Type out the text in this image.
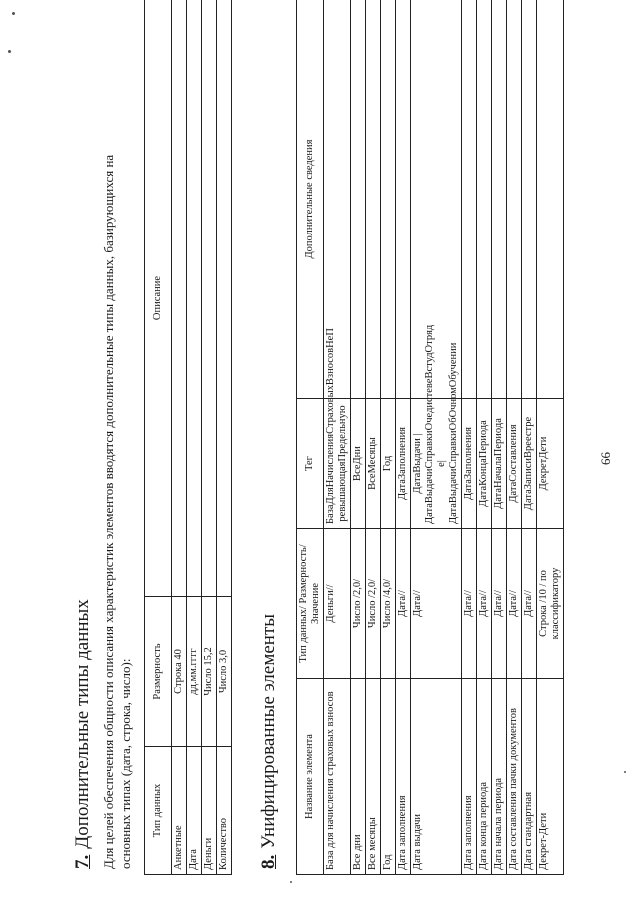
66
7.Дополнительные типы данных Для целей обеспечения общности описания характеристик элементов вводятся дополнительные типы данных, базирующихся на основных типах (дата, строка, число): Тип данных	Размерность	Описание
Анкетные	Строка 40	
Дата	дд.мм.гггг	
Деньги	Число 15,2	
Количество	Число 3,0	
8.Унифицированные элементы Название элемента	Тип данных/ Размерность/ Значение	Тег	Дополнительные сведения
База для начисления страховых взносов	Деньги//	БазаДляНачисленияСтраховыхВзносовНеП ревышающаяПредельную	
Все дни	Число /2,0/	ВсеДни	
Все месяцы	Число /2,0/	ВсеМесяцы	
Год	Число /4,0/	Год	
Дата заполнения	Дата//	ДатаЗаполнения	
Дата выдачи	Дата//	ДатаВыдачи | ДатаВыдачиСправкиОчедистевеВстудОтряд е| ДатаВыдачиСправкиОбОчномОбучении	
Дата заполнения	Дата//	ДатаЗаполнения	
Дата конца периода	Дата//	ДатаКонцаПериода	
Дата начала периода	Дата//	ДатаНачалаПериода	
Дата составления пачки документов	Дата//	ДатаСоставления	
Дата стандартная	Дата//	ДатаЗаписиВреестре	
Декрет-Дети	Строка /10 / по классификатору	ДекретДети	
